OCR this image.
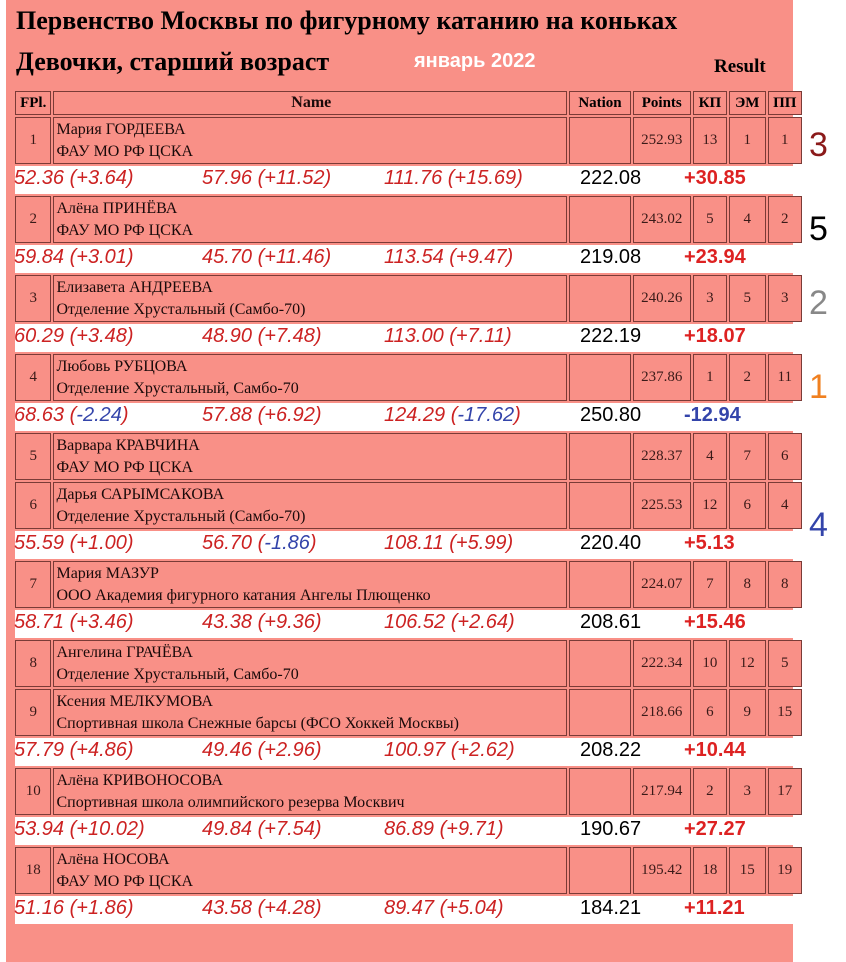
Первенство Москвы по фигурному катанию на коньках
Девочки, старший возраст	январь 2022	Result
FPl.	Name	Nation	Points	КП	ЭМ	ПП
1	Мария ГОРДЕЕВА
ФАУ МО РФ ЦСКА		252.93	13	1	1

52.36 (+3.64) 57.96 (+11.52) 111.76 (+15.69) 222.08 +30.85						

2	Алёна ПРИНЁВА
ФАУ МО РФ ЦСКА		243.02	5	4	2

59.84 (+3.01) 45.70 (+11.46) 113.54 (+9.47) 219.08 +23.94						

3	Елизавета АНДРЕЕВА
Отделение Хрустальный (Самбо-70)		240.26	3	5	3

60.29 (+3.48) 48.90 (+7.48) 113.00 (+7.11) 222.19 +18.07						

4	Любовь РУБЦОВА
Отделение Хрустальный, Самбо-70		237.86	1	2	11

68.63 (-2.24) 57.88 (+6.92) 124.29 (-17.62) 250.80 -12.94						

5	Варвара КРАВЧИНА
ФАУ МО РФ ЦСКА		228.37	4	7	6
6	Дарья САРЫМСАКОВА
Отделение Хрустальный (Самбо-70)		225.53	12	6	4

55.59 (+1.00) 56.70 (-1.86) 108.11 (+5.99) 220.40 +5.13						

7	Мария МАЗУР
ООО Академия фигурного катания Ангелы Плющенко		224.07	7	8	8

58.71 (+3.46) 43.38 (+9.36) 106.52 (+2.64) 208.61 +15.46						

8	Ангелина ГРАЧЁВА
Отделение Хрустальный, Самбо-70		222.34	10	12	5
9	Ксения МЕЛКУМОВА
Спортивная школа Снежные барсы (ФСО Хоккей Москвы)		218.66	6	9	15

57.79 (+4.86) 49.46 (+2.96) 100.97 (+2.62) 208.22 +10.44						

10	Алёна КРИВОНОСОВА
Спортивная школа олимпийского резерва Москвич		217.94	2	3	17

53.94 (+10.02) 49.84 (+7.54) 86.89 (+9.71) 190.67 +27.27						

18	Алёна НОСОВА
ФАУ МО РФ ЦСКА		195.42	18	15	19

51.16 (+1.86) 43.58 (+4.28) 89.47 (+5.04) 184.21 +11.21						
3
5
2
1
4
